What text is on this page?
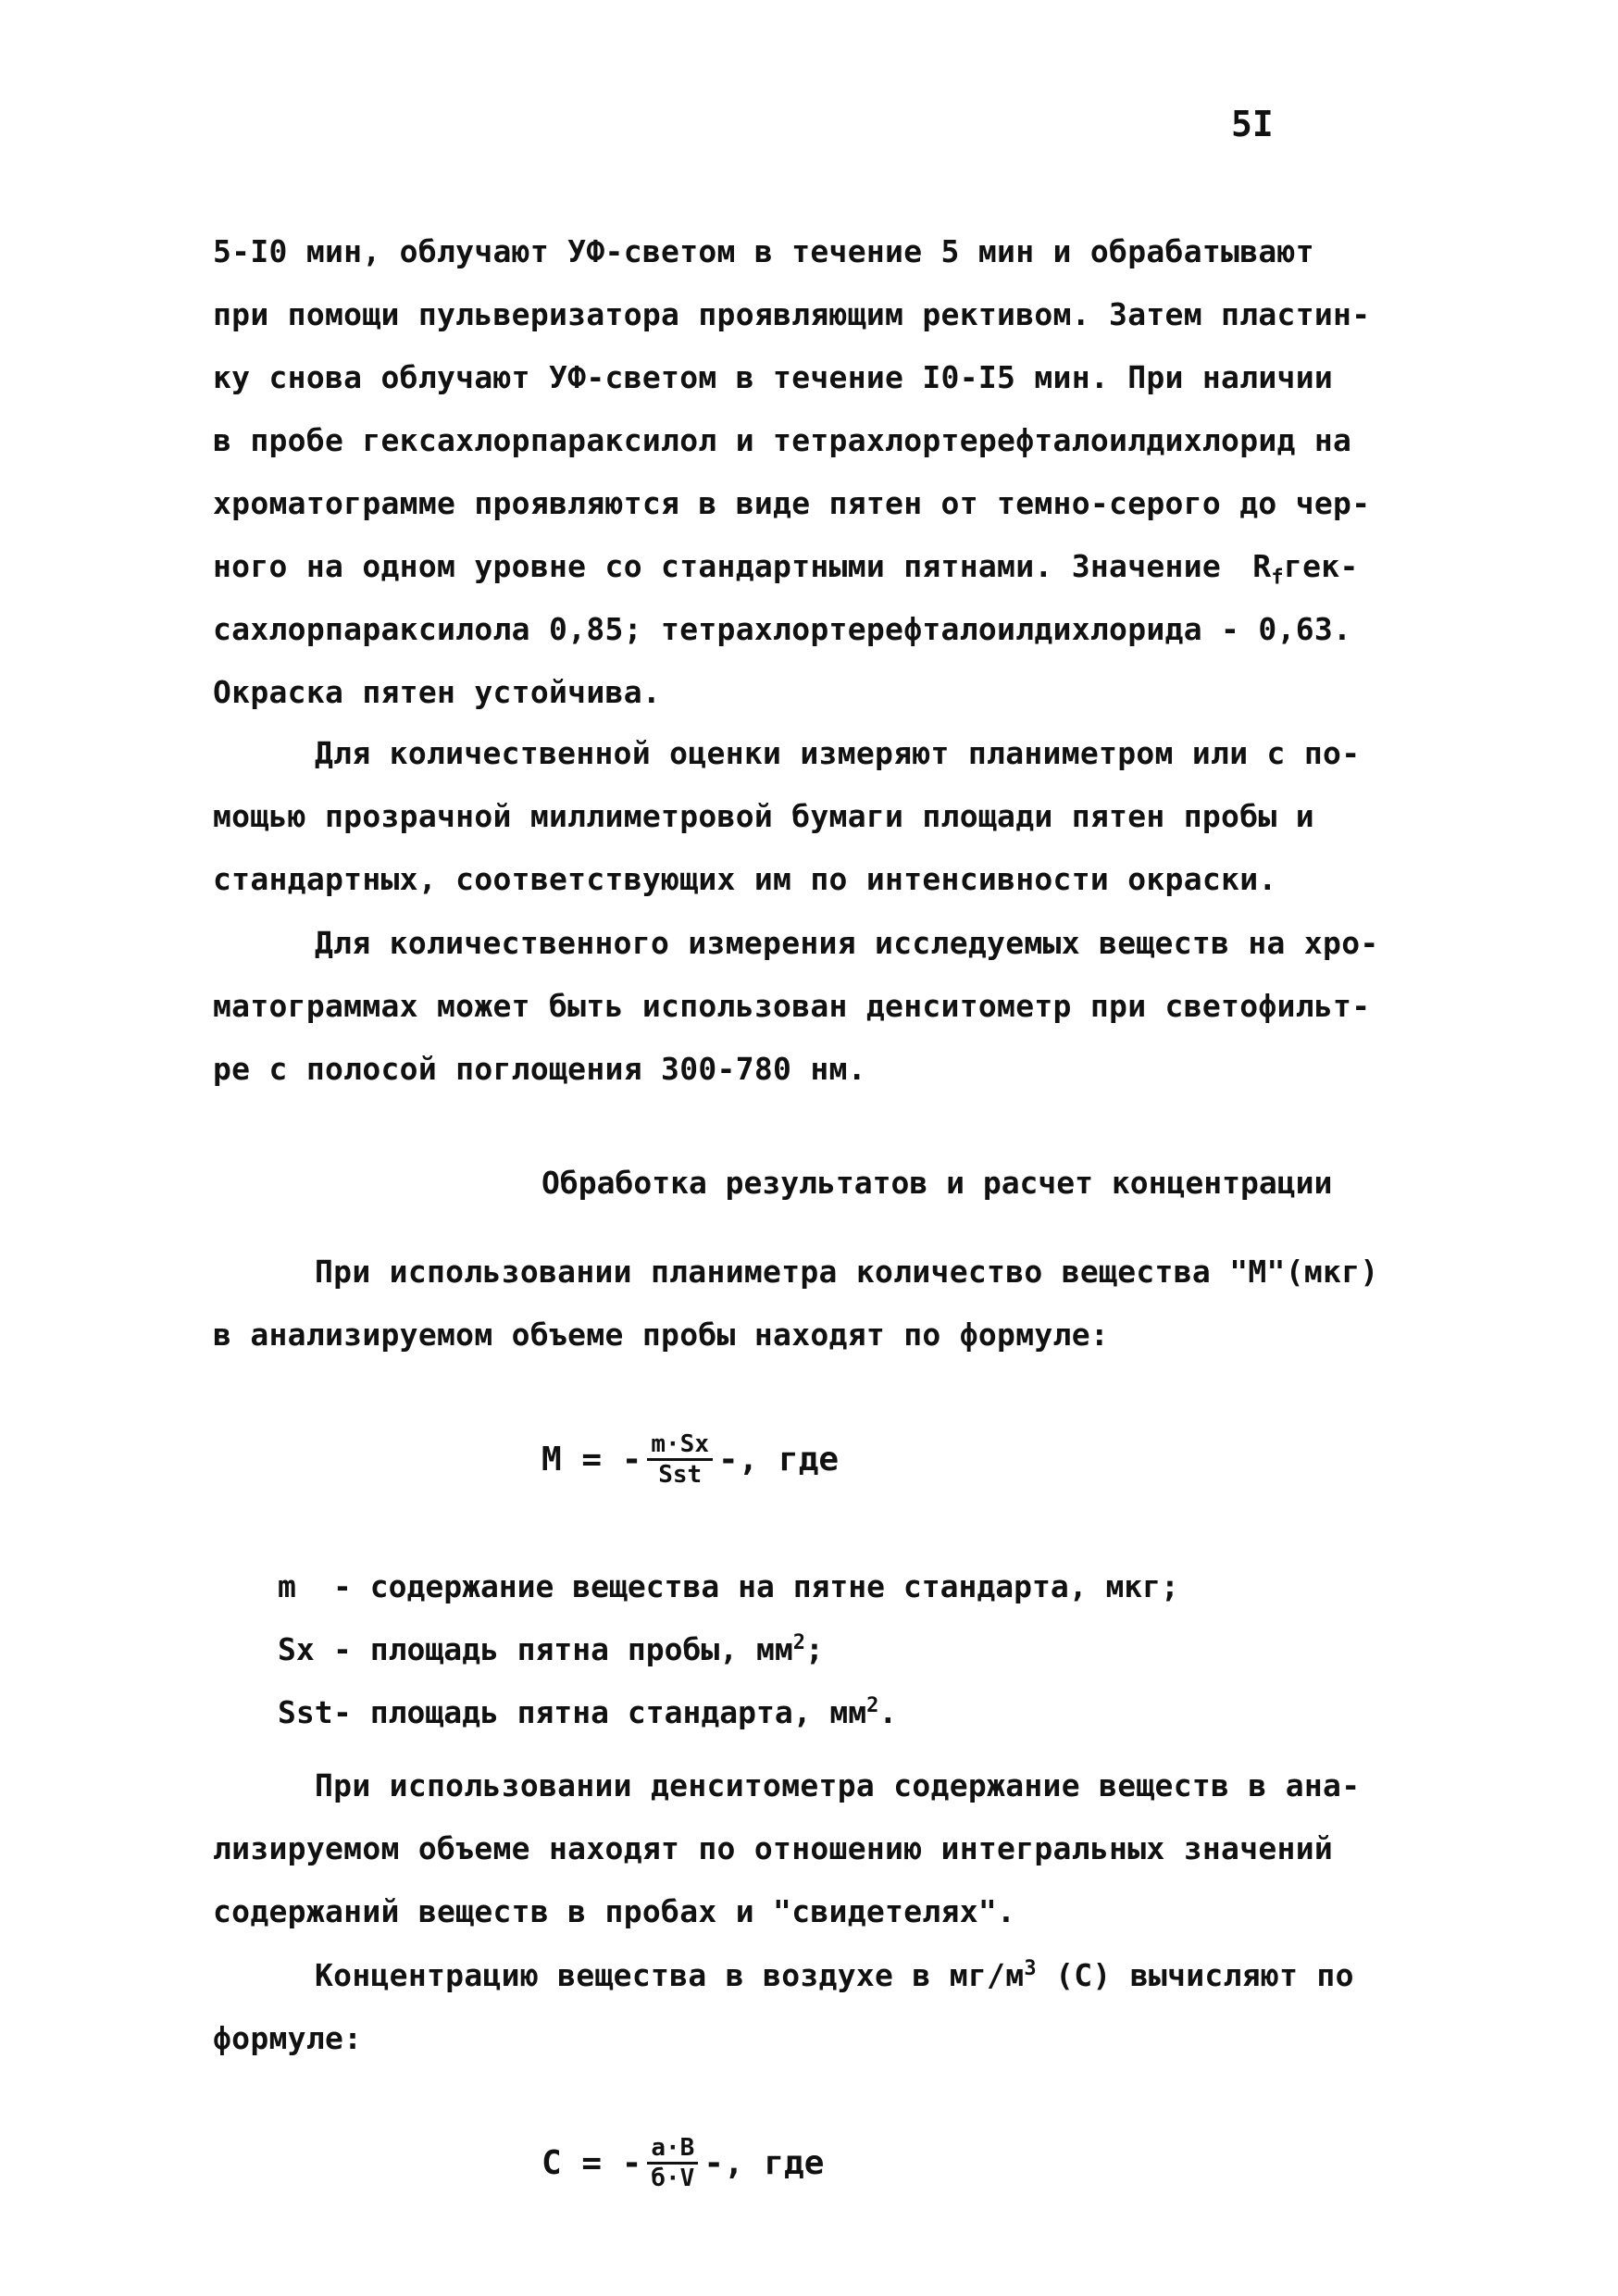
5I
5-I0 мин, облучают УФ-светом в течение 5 мин и обрабатывают
при помощи пульверизатора проявляющим рективом. Затем пластин-
ку снова облучают УФ-светом в течение I0-I5 мин. При наличии
в пробе гексахлорпараксилол и тетрахлортерефталоилдихлорид на
хроматограмме проявляются в виде пятен от темно-серого до чер-
ного на одном уровне со стандартными пятнами. Значение $R_fгек-$
сахлорпараксилола 0,85; тетрахлортерефталоилдихлорида - 0,63.
Окраска пятен устойчива.
Для количественной оценки измеряют планиметром или с по-
мощью прозрачной миллиметровой бумаги площади пятен пробы и
стандартных, соответствующих им по интенсивности окраски.
Для количественного измерения исследуемых веществ на хро-
матограммах может быть использован денситометр при светофильт-
ре с полосой поглощения 300-780 нм.
Обработка результатов и расчет концентрации
При использовании планиметра количество вещества "М"(мкг)
в анализируемом объеме пробы находят по формуле:
М = - $\frac{m\cdot Sx}{\text{Sst}}$ -, где
m	- содержание вещества на пятне стандарта, мкг;
Sx - площадь пятна пробы, $мм^2$;
Sst - площадь пятна стандарта, $мм^2$.
При использовании денситометра содержание веществ в ана-
лизируемом объеме находят по отношению интегральных значений
содержаний веществ в пробах и "свидетелях".
Концентрацию вещества в воздухе в $мг/м^3$ (С) вычисляют по
формуле:
С = - $\frac{a\cdot B}{б\cdot V}$ -, где
